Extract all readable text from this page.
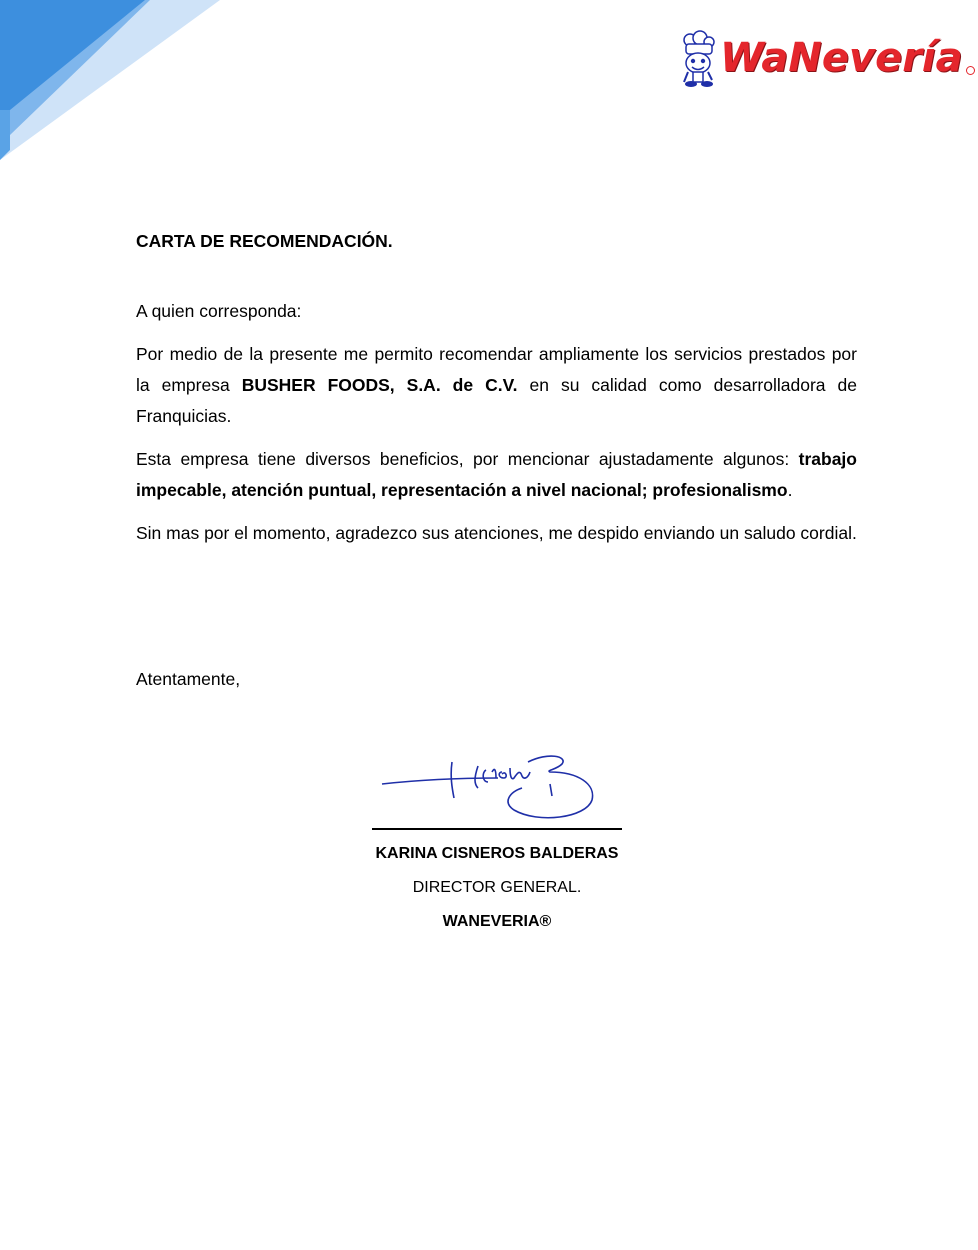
WaNevería

CARTA DE RECOMENDACIÓN.

A quien corresponda:

Por medio de la presente me permito recomendar ampliamente los servicios prestados por la empresa BUSHER FOODS, S.A. de C.V. en su calidad como desarrolladora de Franquicias.

Esta empresa tiene diversos beneficios, por mencionar ajustadamente algunos: trabajo impecable, atención puntual, representación a nivel nacional; profesionalismo.

Sin mas por el momento, agradezco sus atenciones, me despido enviando un saludo cordial.

Atentamente,
KARINA CISNEROS BALDERAS
DIRECTOR GENERAL.
WANEVERIA®
